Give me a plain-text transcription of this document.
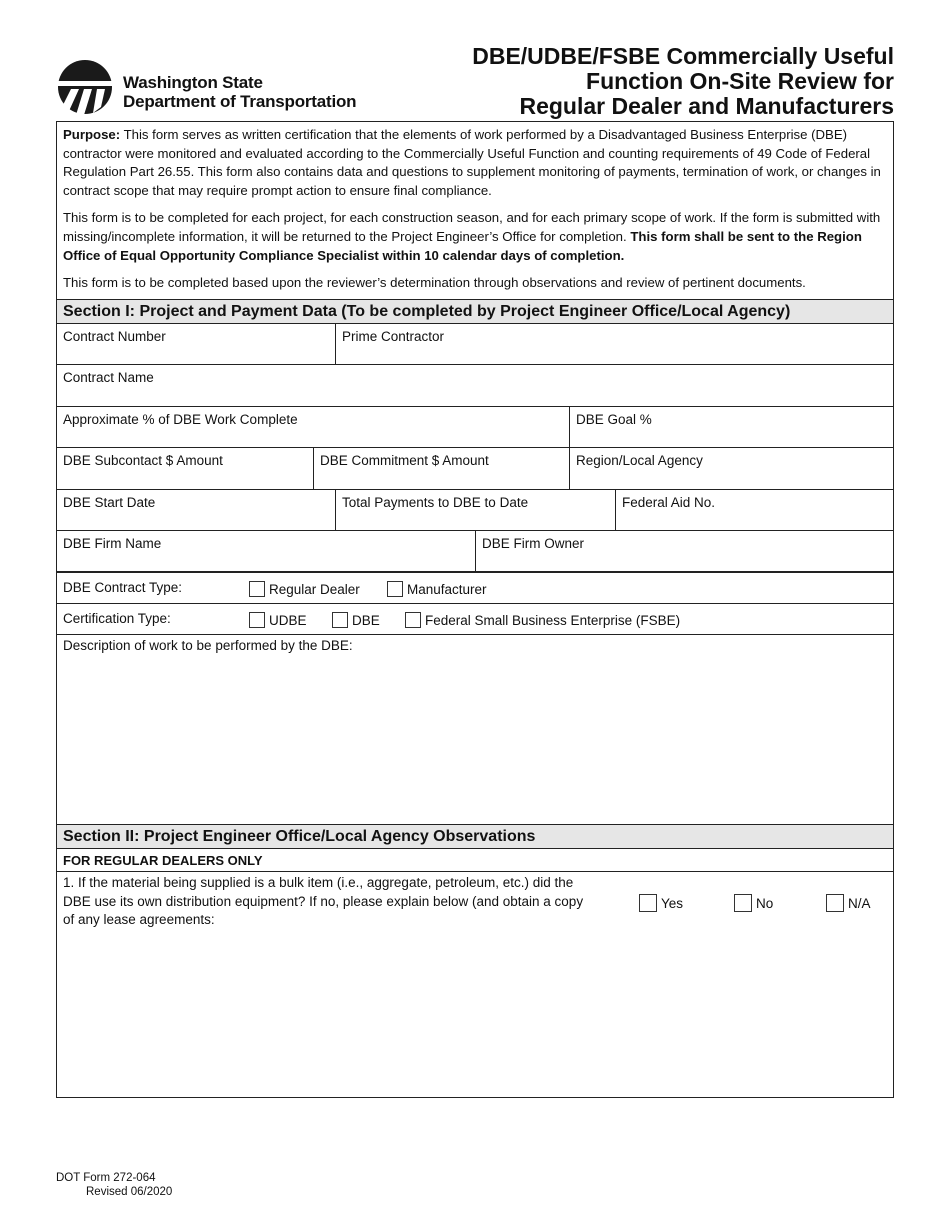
Washington State
Department of Transportation
DBE/UDBE/FSBE Commercially Useful
Function On-Site Review for
Regular Dealer and Manufacturers

Purpose: This form serves as written certification that the elements of work performed by a Disadvantaged Business Enterprise (DBE) contractor were monitored and evaluated according to the Commercially Useful Function and counting requirements of 49 Code of Federal Regulation Part 26.55. This form also contains data and questions to supplement monitoring of payments, termination of work, or changes in contract scope that may require prompt action to ensure final compliance.

This form is to be completed for each project, for each construction season, and for each primary scope of work. If the form is submitted with missing/incomplete information, it will be returned to the Project Engineer’s Office for completion. This form shall be sent to the Region Office of Equal Opportunity Compliance Specialist within 10 calendar days of completion.

This form is to be completed based upon the reviewer’s determination through observations and review of pertinent documents.

Section I: Project and Payment Data (To be completed by Project Engineer Office/Local Agency)
Contract Number	Prime Contractor
Contract Name
Approximate % of DBE Work Complete	DBE Goal %
DBE Subcontact $ Amount	DBE Commitment $ Amount	Region/Local Agency
DBE Start Date	Total Payments to DBE to Date	Federal Aid No.
DBE Firm Name	DBE Firm Owner
DBE Contract Type:	Regular Dealer	Manufacturer
Certification Type:	UDBE	DBE	Federal Small Business Enterprise (FSBE)
Description of work to be performed by the DBE:
Section II: Project Engineer Office/Local Agency Observations
FOR REGULAR DEALERS ONLY
1. If the material being supplied is a bulk item (i.e., aggregate, petroleum, etc.) did the
DBE use its own distribution equipment? If no, please explain below (and obtain a copy
of any lease agreements:
Yes	No	N/A
DOT Form 272-064
Revised 06/2020
